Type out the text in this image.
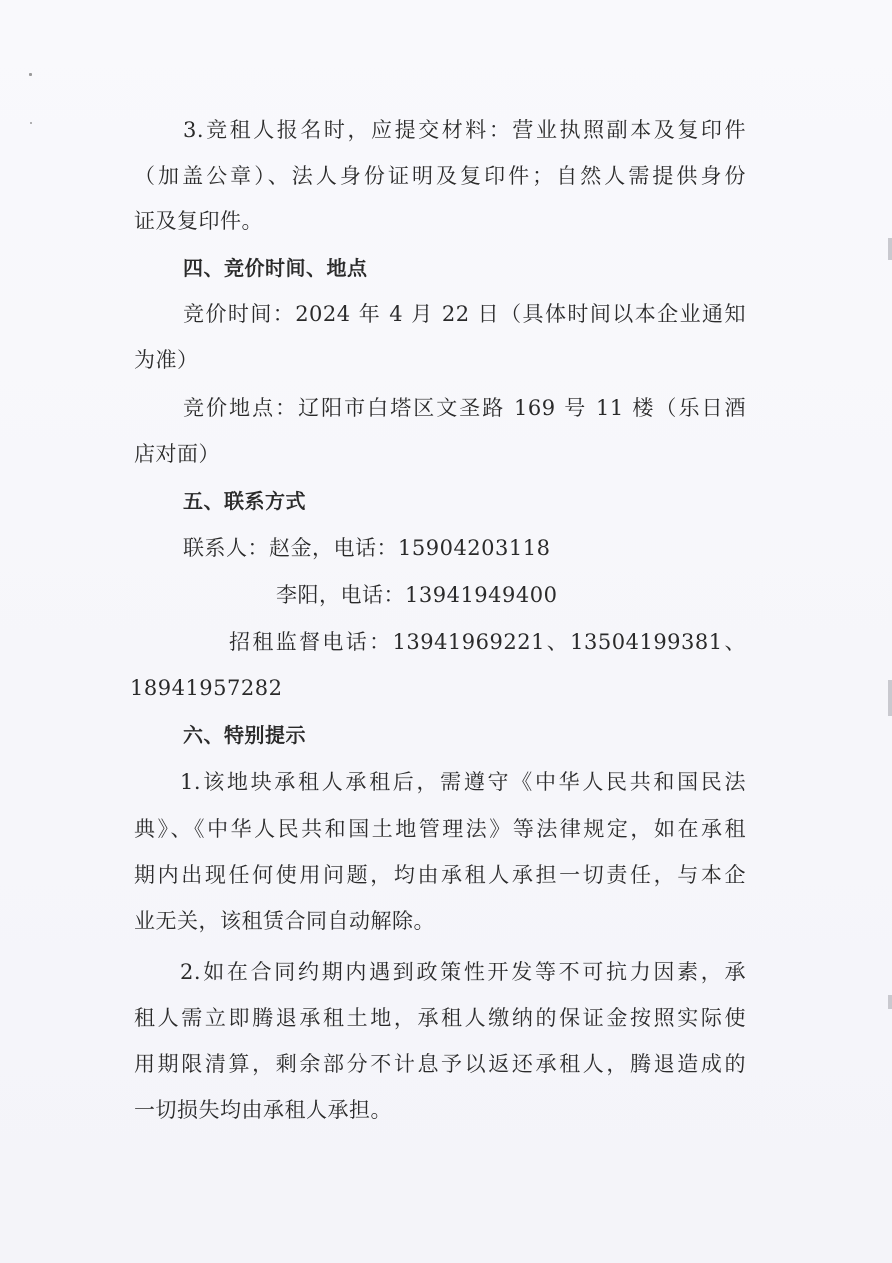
3.竞租人报名时，应提交材料：营业执照副本及复印件
（加盖公章）、法人身份证明及复印件；自然人需提供身份
证及复印件。
四、竞价时间、地点
竞价时间：2024 年 4 月 22 日（具体时间以本企业通知
为准）
竞价地点：辽阳市白塔区文圣路 169 号 11 楼（乐日酒
店对面）
五、联系方式
联系人：赵金，电话：15904203118
李阳，电话：13941949400
招租监督电话：13941969221、13504199381、
18941957282
六、特别提示
1.该地块承租人承租后，需遵守《中华人民共和国民法
典》、《中华人民共和国土地管理法》等法律规定，如在承租
期内出现任何使用问题，均由承租人承担一切责任，与本企
业无关，该租赁合同自动解除。
2.如在合同约期内遇到政策性开发等不可抗力因素，承
租人需立即腾退承租土地，承租人缴纳的保证金按照实际使
用期限清算，剩余部分不计息予以返还承租人，腾退造成的
一切损失均由承租人承担。
